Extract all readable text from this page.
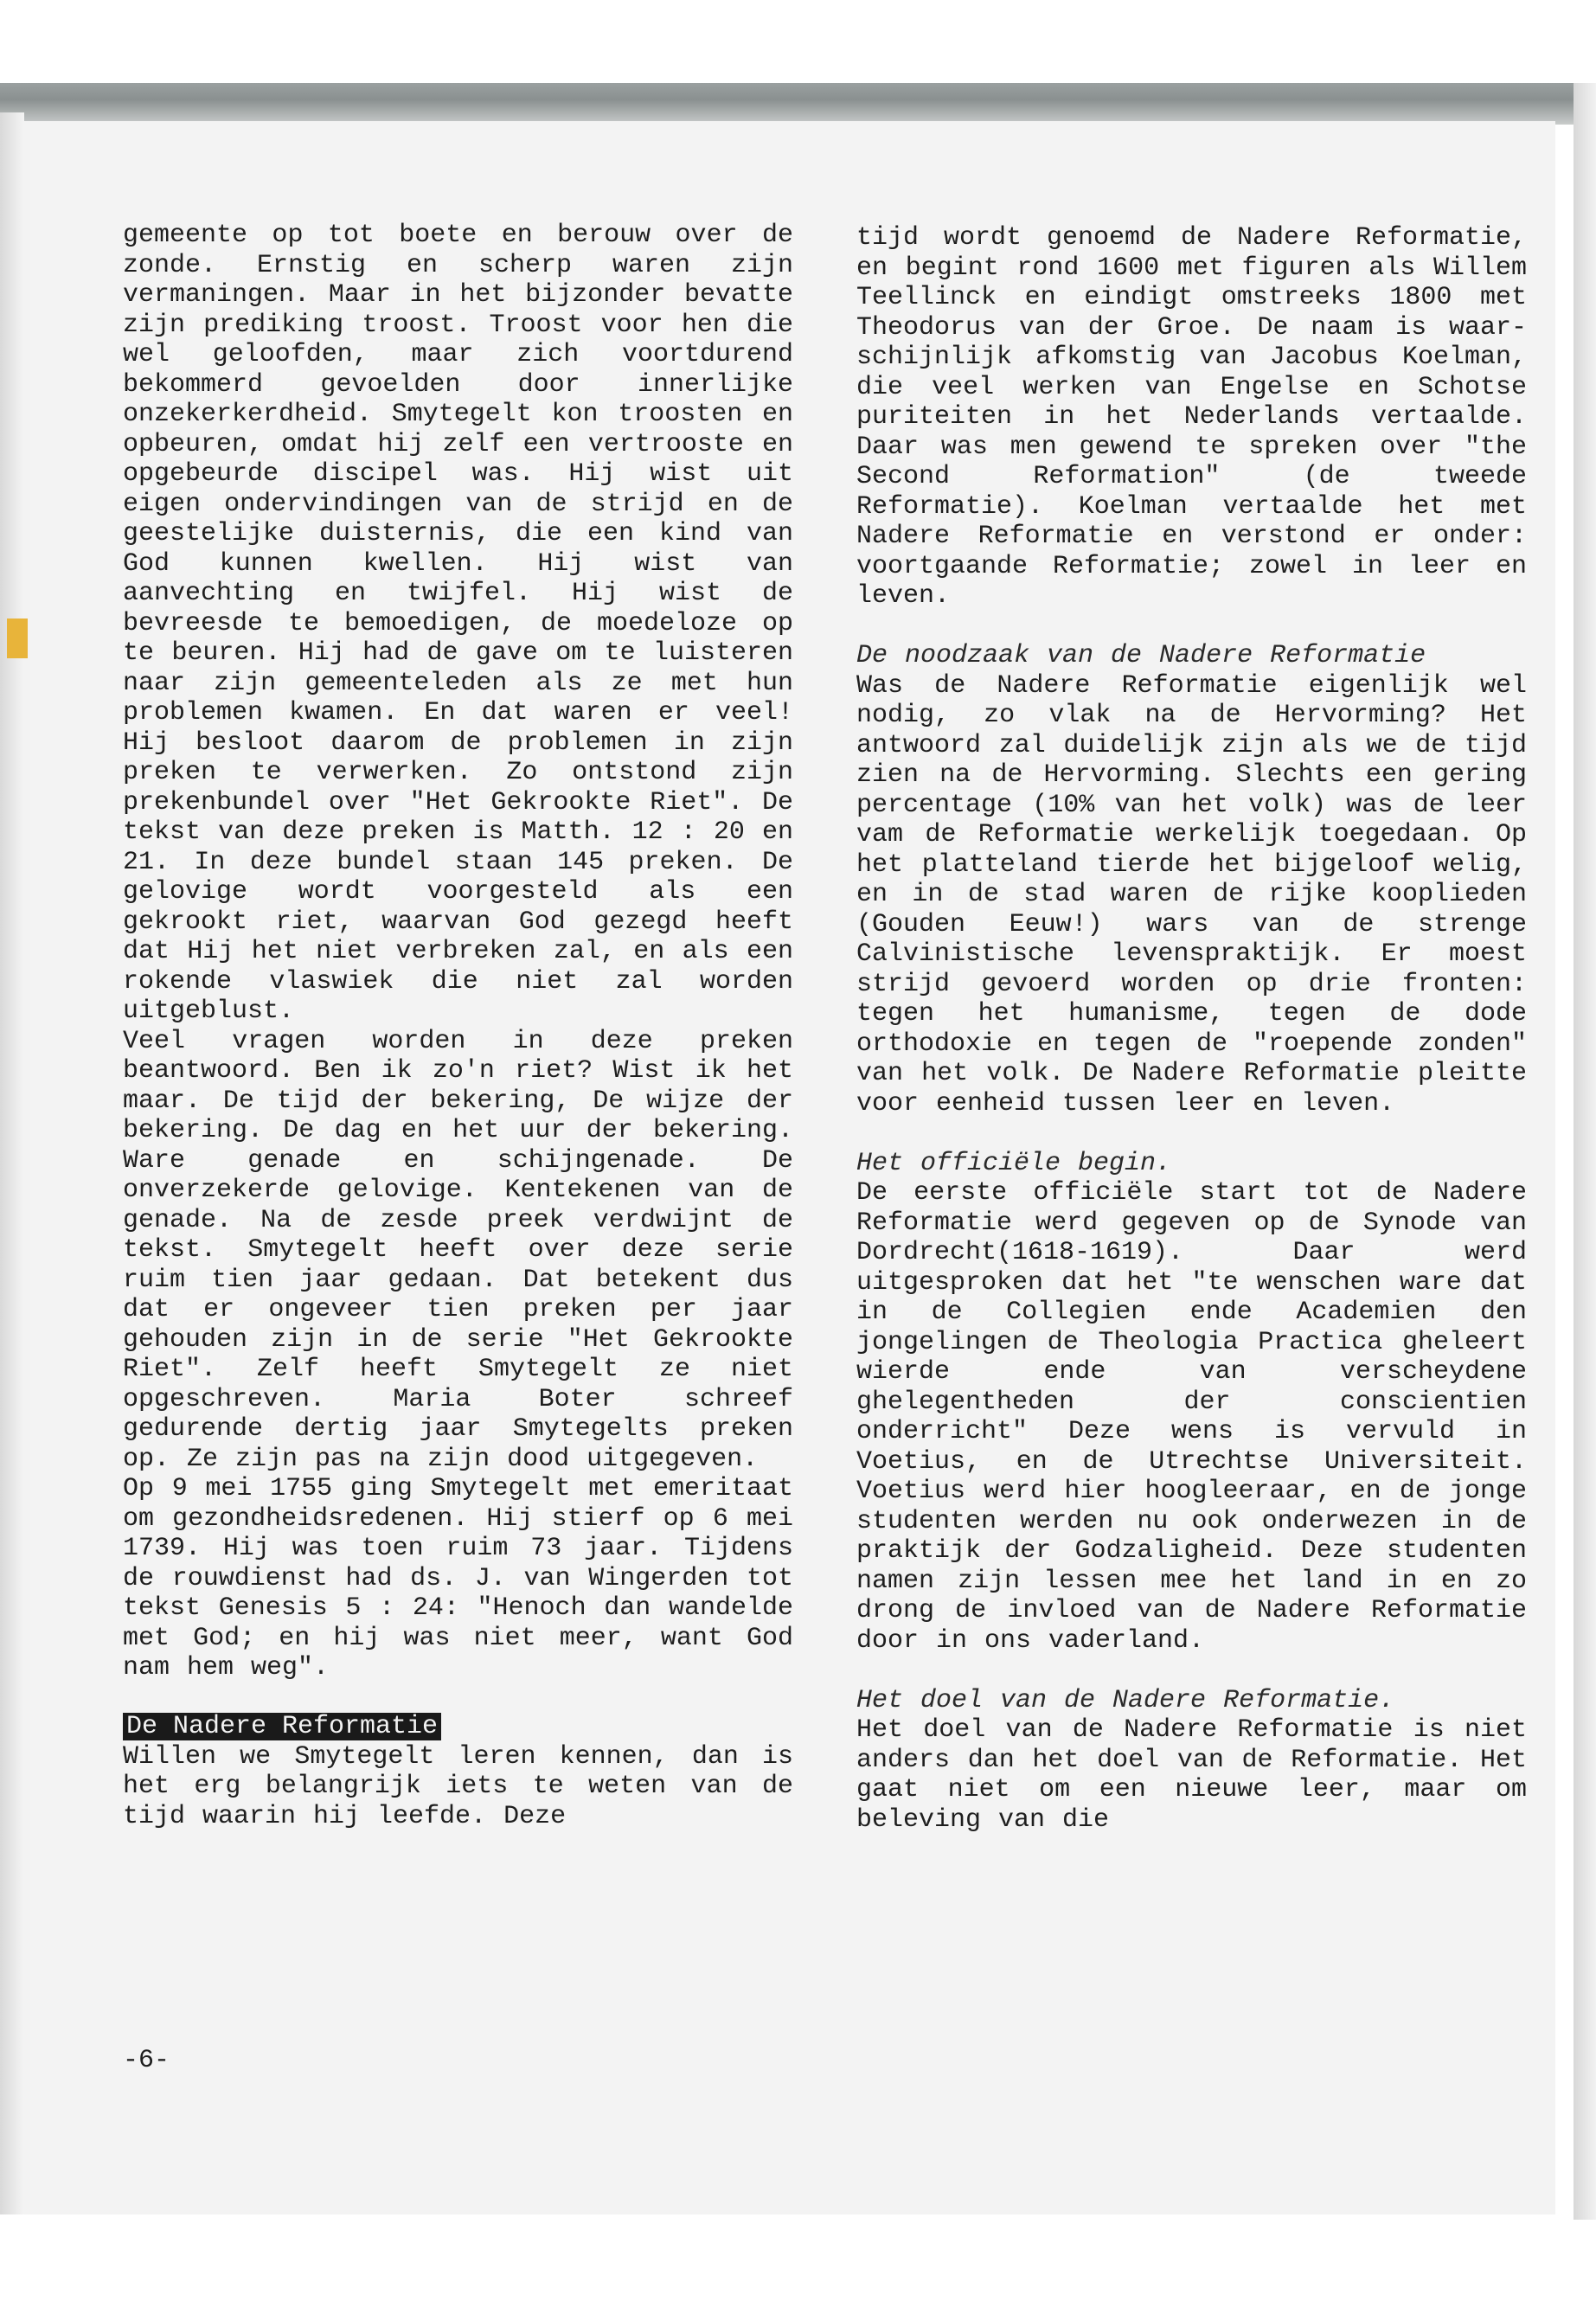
gemeente op tot boete en berouw over de zonde. Ernstig en scherp waren zijn vermaningen. Maar in het bijzonder bevatte zijn prediking troost. Troost voor hen die wel geloofden, maar zich voortdurend bekommerd gevoelden door innerlijke onzekerkerdheid. Smytegelt kon troosten en opbeuren, omdat hij zelf een vertrooste en opgebeurde discipel was. Hij wist uit eigen ondervindingen van de strijd en de geestelijke duisternis, die een kind van God kunnen kwellen. Hij wist van aanvechting en twijfel. Hij wist de bevreesde te bemoedigen, de moedeloze op te beuren. Hij had de gave om te luisteren naar zijn gemeenteleden als ze met hun problemen kwamen. En dat waren er veel! Hij besloot daarom de problemen in zijn preken te verwerken. Zo ontstond zijn prekenbundel over "Het Gekrookte Riet". De tekst van deze preken is Matth. 12 : 20 en 21. In deze bundel staan 145 preken. De gelovige wordt voorgesteld als een gekrookt riet, waarvan God gezegd heeft dat Hij het niet verbreken zal, en als een rokende vlaswiek die niet zal worden uitgeblust.

Veel vragen worden in deze preken beantwoord. Ben ik zo'n riet? Wist ik het maar. De tijd der bekering, De wijze der bekering. De dag en het uur der bekering. Ware genade en schijngenade. De onverzekerde gelovige. Kentekenen van de genade. Na de zesde preek verdwijnt de tekst. Smytegelt heeft over deze serie ruim tien jaar gedaan. Dat betekent dus dat er ongeveer tien preken per jaar gehouden zijn in de serie "Het Gekrookte Riet". Zelf heeft Smytegelt ze niet opgeschreven. Maria Boter schreef gedurende dertig jaar Smytegelts preken op. Ze zijn pas na zijn dood uitgegeven.

Op 9 mei 1755 ging Smytegelt met emeritaat om gezondheidsredenen. Hij stierf op 6 mei 1739. Hij was toen ruim 73 jaar. Tijdens de rouwdienst had ds. J. van Wingerden tot tekst Genesis 5 : 24: "Henoch dan wandelde met God; en hij was niet meer, want God nam hem weg".

De Nadere Reformatie

Willen we Smytegelt leren kennen, dan is het erg belangrijk iets te weten van de tijd waarin hij leefde. Deze

tijd wordt genoemd de Nadere Reformatie, en begint rond 1600 met figuren als Willem Teellinck en eindigt omstreeks 1800 met Theodorus van der Groe. De naam is waarschijnlijk afkomstig van Jacobus Koelman, die veel werken van Engelse en Schotse puriteiten in het Nederlands vertaalde. Daar was men gewend te spreken over "the Second Reformation" (de tweede Reformatie). Koelman vertaalde het met Nadere Reformatie en verstond er onder: voortgaande Reformatie; zowel in leer en leven.

De noodzaak van de Nadere Reformatie

Was de Nadere Reformatie eigenlijk wel nodig, zo vlak na de Hervorming? Het antwoord zal duidelijk zijn als we de tijd zien na de Hervorming. Slechts een gering percentage (10% van het volk) was de leer vam de Reformatie werkelijk toegedaan. Op het platteland tierde het bijgeloof welig, en in de stad waren de rijke kooplieden (Gouden Eeuw!) wars van de strenge Calvinistische levenspraktijk. Er moest strijd gevoerd worden op drie fronten: tegen het humanisme, tegen de dode orthodoxie en tegen de "roepende zonden" van het volk. De Nadere Reformatie pleitte voor eenheid tussen leer en leven.

Het officiële begin.

De eerste officiële start tot de Nadere Reformatie werd gegeven op de Synode van Dordrecht(1618-1619). Daar werd uitgesproken dat het "te wenschen ware dat in de Collegien ende Academien den jongelingen de Theologia Practica gheleert wierde ende van verscheydene ghelegentheden der conscientien onderricht" Deze wens is vervuld in Voetius, en de Utrechtse Universiteit. Voetius werd hier hoogleeraar, en de jonge studenten werden nu ook onderwezen in de praktijk der Godzaligheid. Deze studenten namen zijn lessen mee het land in en zo drong de invloed van de Nadere Reformatie door in ons vaderland.

Het doel van de Nadere Reformatie.

Het doel van de Nadere Reformatie is niet anders dan het doel van de Reformatie. Het gaat niet om een nieuwe leer, maar om beleving van die

-6-
